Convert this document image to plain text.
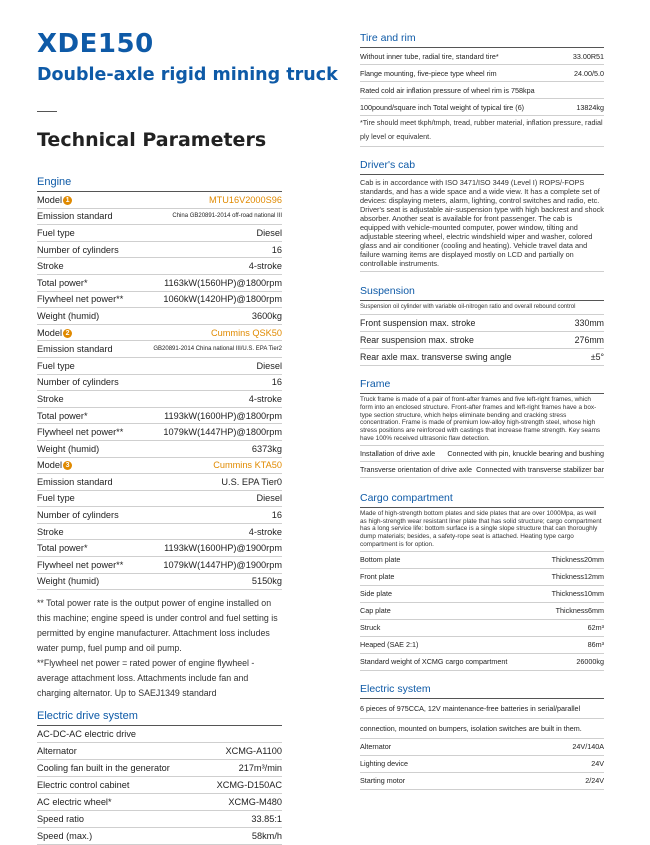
XDE150
Double-axle rigid mining truck
Technical Parameters
Engine
Model 1	MTU16V2000S96
Emission standard	China GB20891-2014 off-road national III
Fuel type	Diesel
Number of cylinders	16
Stroke	4-stroke
Total power*	1163kW(1560HP)@1800rpm
Flywheel net power**	1060kW(1420HP)@1800rpm
Weight (humid)	3600kg
Model 2	Cummins QSK50
Emission standard	GB20891-2014 China national III/U.S. EPA Tier2
Fuel type	Diesel
Number of cylinders	16
Stroke	4-stroke
Total power*	1193kW(1600HP)@1800rpm
Flywheel net power**	1079kW(1447HP)@1800rpm
Weight (humid)	6373kg
Model 3	Cummins KTA50
Emission standard	U.S. EPA Tier0
Fuel type	Diesel
Number of cylinders	16
Stroke	4-stroke
Total power*	1193kW(1600HP)@1900rpm
Flywheel net power**	1079kW(1447HP)@1900rpm
Weight (humid)	5150kg
** Total power rate is the output power of engine installed on this machine; engine speed is under control and fuel setting is permitted by engine manufacturer. Attachment loss includes water pump, fuel pump and oil pump.
**Flywheel net power = rated power of engine flywheel - average attachment loss. Attachments include fan and charging alternator. Up to SAEJ1349 standard
Electric drive system
AC-DC-AC electric drive
Alternator	XCMG-A1100
Cooling fan built in the generator	217m³/min
Electric control cabinet	XCMG-D150AC
AC electric wheel*	XCMG-M480
Speed ratio	33.85:1
Speed (max.)	58km/h
Tire and rim
Without inner tube, radial tire, standard tire*	33.00R51
Flange mounting, five-piece type wheel rim	24.00/5.0
Rated cold air inflation pressure of wheel rim is 758kpa
100pound/square inch Total weight of typical tire (6)	13824kg
*Tire should meet tkph/tmph, tread, rubber material, inflation pressure, radial ply level or equivalent.
Driver's cab
Cab is in accordance with ISO 3471/ISO 3449 (Level I) ROPS/-FOPS standards, and has a wide space and a wide view. It has a complete set of devices: displaying meters, alarm, lighting, control switches and radio, etc. Driver's seat is adjustable air-suspension type with high backrest and shock absorber. Another seat is available for front passenger. The cab is equipped with vehicle-mounted computer, power window, tilting and adjustable steering wheel, electric windshield wiper and washer, colored glass and air conditioner (cooling and heating). Vehicle travel data and failure warning items are displayed mostly on LCD and partially on controllable instruments.
Suspension
Suspension oil cylinder with variable oil-nitrogen ratio and overall rebound control
Front suspension max. stroke	330mm
Rear suspension max. stroke	276mm
Rear axle max. transverse swing angle	±5°
Frame
Truck frame is made of a pair of front-after frames and five left-right frames, which form into an enclosed structure. Front-after frames and left-right frames have a box-type section structure, which helps eliminate bending and cracking stress concentration. Frame is made of premium low-alloy high-strength steel, whose high stress positions are reinforced with castings that increase frame strength. Key seams have 100% received ultrasonic flaw detection.
Installation of drive axle Connected with pin, knuckle bearing and bushing
Transverse orientation of drive axle Connected with transverse stabilizer bar
Cargo compartment
Made of high-strength bottom plates and side plates that are over 1000Mpa, as well as high-strength wear resistant liner plate that has solid structure; cargo compartment has a long service life: bottom surface is a single slope structure that can thoroughly dump materials; besides, a safety-rope seat is attached. Heating type cargo compartment is for option.
Bottom plate	Thickness20mm
Front plate	Thickness12mm
Side plate	Thickness10mm
Cap plate	Thickness6mm
Struck	62m³
Heaped (SAE 2:1)	86m³
Standard weight of XCMG cargo compartment	26000kg
Electric system
6 pieces of 975CCA, 12V maintenance-free batteries in serial/parallel
connection, mounted on bumpers, isolation switches are built in them.
Alternator	24V/140A
Lighting device	24V
Starting motor	2/24V
